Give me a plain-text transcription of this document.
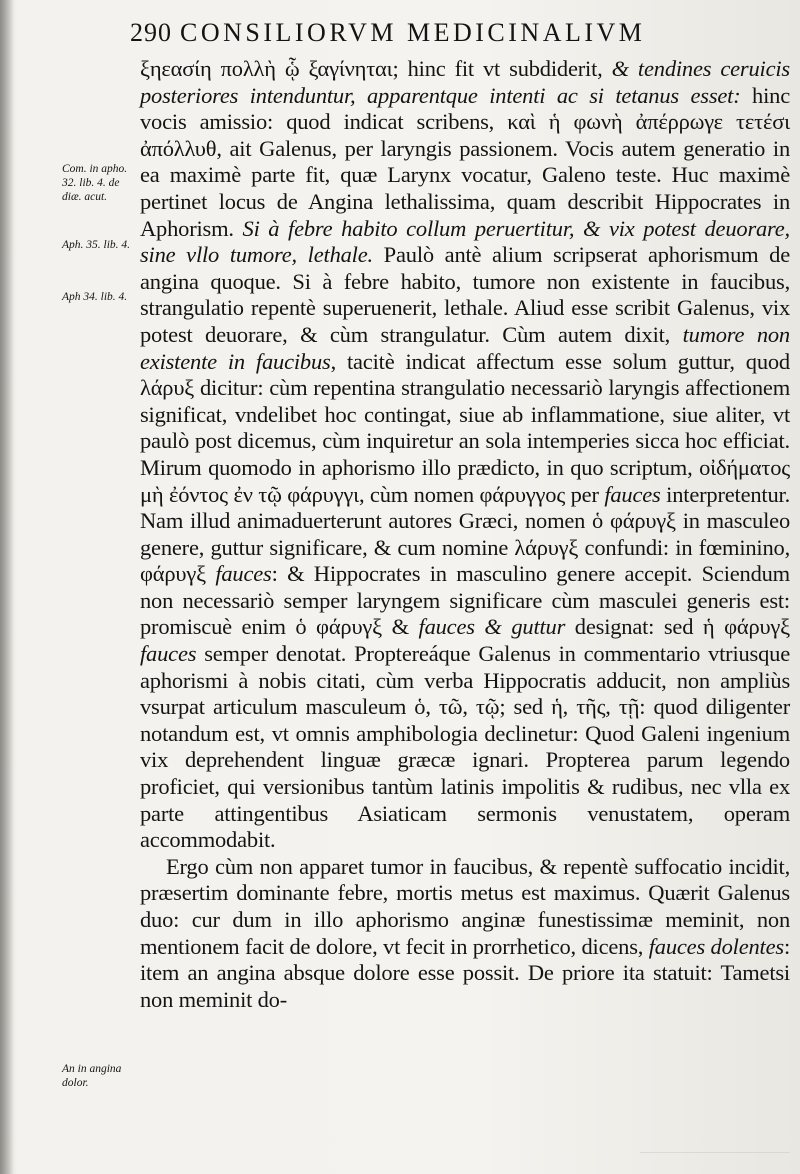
290 CONSILIORVM MEDICINALIVM
Com. in apho. 32. lib. 4. de diæ. acut.
Aph. 35. lib. 4.
Aph 34. lib. 4.
An in angina dolor.

ξηεασίη πολλὴ ᾧ ξαγίνηται; hinc fit vt subdiderit, & tendines ceruicis posteriores intenduntur, apparentque intenti ac si tetanus esset: hinc vocis amissio: quod indicat scribens, καὶ ἡ φωνὴ ἀπέρρωγε τετέσι ἀπόλλυθ, ait Galenus, per laryngis passionem. Vocis autem generatio in ea maximè parte fit, quæ Larynx vocatur, Galeno teste. Huc maximè pertinet locus de Angina lethalissima, quam describit Hippocrates in Aphorism. Si à febre habito collum peruertitur, & vix potest deuorare, sine vllo tumore, lethale. Paulò antè alium scripserat aphorismum de angina quoque. Si à febre habito, tumore non existente in faucibus, strangulatio repentè superuenerit, lethale. Aliud esse scribit Galenus, vix potest deuorare, & cùm strangulatur. Cùm autem dixit, tumore non existente in faucibus, tacitè indicat affectum esse solum guttur, quod λάρυξ dicitur: cùm repentina strangulatio necessariò laryngis affectionem significat, vndelibet hoc contingat, siue ab inflammatione, siue aliter, vt paulò post dicemus, cùm inquiretur an sola intemperies sicca hoc efficiat. Mirum quomodo in aphorismo illo prædicto, in quo scriptum, οἰδήματος μὴ ἐόντος ἐν τῷ φάρυγγι, cùm nomen φάρυγγος per fauces interpretentur. Nam illud animaduerterunt autores Græci, nomen ὁ φάρυγξ in masculeo genere, guttur significare, & cum nomine λάρυγξ confundi: in fœminino, φάρυγξ fauces: & Hippocrates in masculino genere accepit. Sciendum non necessariò semper laryngem significare cùm masculei generis est: promiscuè enim ὁ φάρυγξ & fauces & guttur designat: sed ἡ φάρυγξ fauces semper denotat. Proptereáque Galenus in commentario vtriusque aphorismi à nobis citati, cùm verba Hippocratis adducit, non ampliùs vsurpat articulum masculeum ὁ, τῶ, τῷ; sed ἡ, τῆς, τῇ: quod diligenter notandum est, vt omnis amphibologia declinetur: Quod Galeni ingenium vix deprehendent linguæ græcæ ignari. Propterea parum legendo proficiet, qui versionibus tantùm latinis impolitis & rudibus, nec vlla ex parte attingentibus Asiaticam sermonis venustatem, operam accommodabit.

Ergo cùm non apparet tumor in faucibus, & repentè suffocatio incidit, præsertim dominante febre, mortis metus est maximus. Quærit Galenus duo: cur dum in illo aphorismo anginæ funestissimæ meminit, non mentionem facit de dolore, vt fecit in prorrhetico, dicens, fauces dolentes: item an angina absque dolore esse possit. De priore ita statuit: Tametsi non meminit do-
